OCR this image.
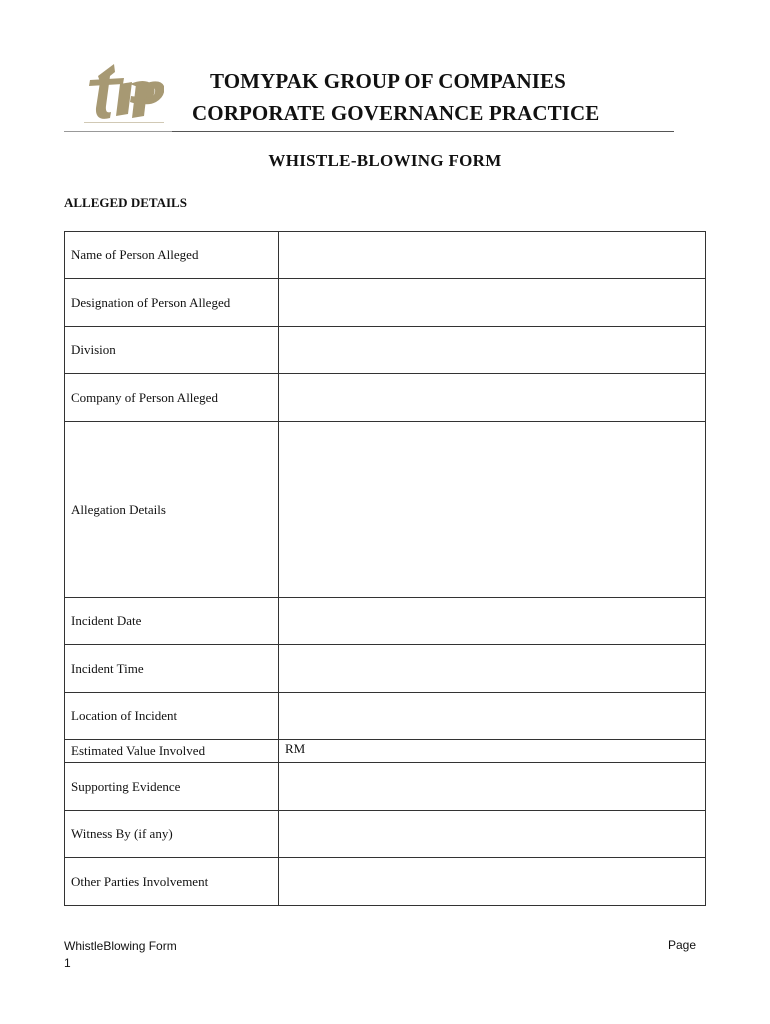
TOMYPAK GROUP OF COMPANIES
CORPORATE GOVERNANCE PRACTICE
WHISTLE-BLOWING FORM
ALLEGED DETAILS
Name of Person Alleged	
Designation of Person Alleged	
Division	
Company of Person Alleged	
Allegation Details	
Incident Date	
Incident Time	
Location of Incident	
Estimated Value Involved	RM
Supporting Evidence	
Witness By (if any)	
Other Parties Involvement	
WhistleBlowing Form
1
Page
